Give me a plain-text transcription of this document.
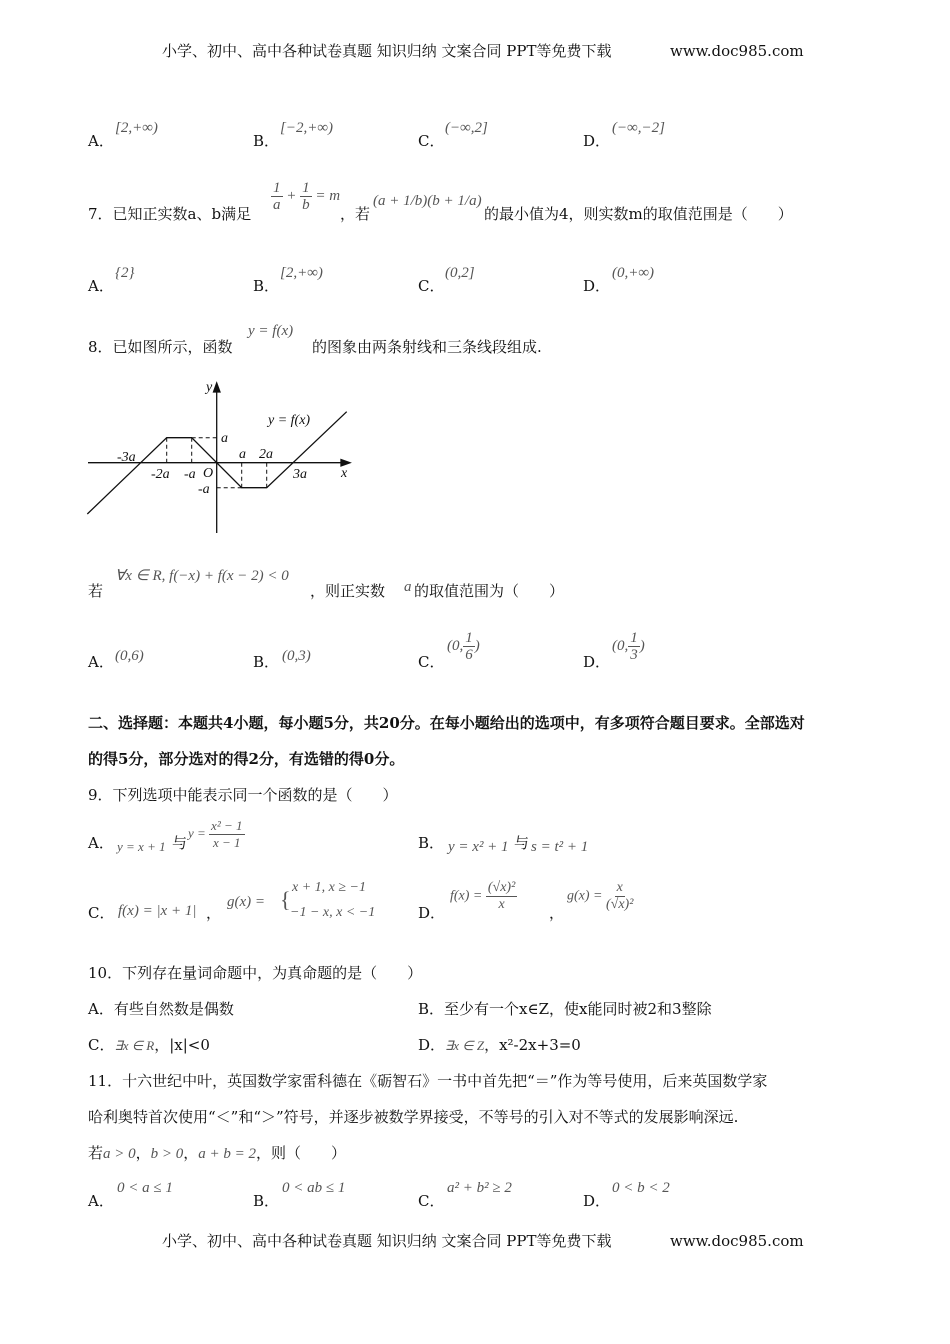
小学、初中、高中各种试卷真题 知识归纳 文案合同 PPT等免费下载	www.doc985.com
A．
[2,+∞)
B．
[−2,+∞)
C．
(−∞,2]
D．
(−∞,−2]
7．已知正实数a、b满足
$\frac{1}{a} + \frac{1}{b} = m$
，若
(a + 1/b)(b + 1/a)
的最小值为4，则实数m的取值范围是（　　）
A．
{2}
B．
[2,+∞)
C．
(0,2]
D．
(0,+∞)
8．已如图所示，函数
y = f(x)
的图象由两条射线和三条线段组成.
y
x
y = f(x)
a
-3a
-2a -a O
a 2a
3a
-a
若
∀x ∈ R, f(−x) + f(x − 2) < 0
，则正实数 a 的取值范围为（　　）
A． (0,6)	B． (0,3)	C．
(0, $\frac{1}{6}$ )
D．
(0, $\frac{1}{3}$ )
二、选择题：本题共4小题，每小题5分，共20分。在每小题给出的选项中，有多项符合题目要求。全部选对
的得5分，部分选对的得2分，有选错的得0分。
9．下列选项中能表示同一个函数的是（　　）
A． y = x + 1 与
$y = \frac{\text{x² − 1}}{x - 1}$	B． y = x² + 1 与 s = t² + 1
C． f(x) = |x + 1| ，
g(x) = { x + 1, x ≥ −1
−1 − x, x < −1	D．
$f(x) = \frac{\text{(√x)²}}{x}$ ，
$g(x) = \frac{x}{\text{(√x)²}}$
10．下列存在量词命题中，为真命题的是（　　）
A．有些自然数是偶数	B．至少有一个x∈Z，使x能同时被2和3整除
C．∃x ∈ R，|x|<0	D．∃x ∈ Z，x²-2x+3=0
11．十六世纪中叶，英国数学家雷科德在《砺智石》一书中首先把“＝”作为等号使用，后来英国数学家
哈利奥特首次使用“＜”和“＞”符号，并逐步被数学界接受，不等号的引入对不等式的发展影响深远.
若a > 0，b > 0，a + b = 2，则（　　）
A．
0 < a ≤ 1
B．
0 < ab ≤ 1
C．
a² + b² ≥ 2
D．
0 < b < 2
小学、初中、高中各种试卷真题 知识归纳 文案合同 PPT等免费下载	www.doc985.com
